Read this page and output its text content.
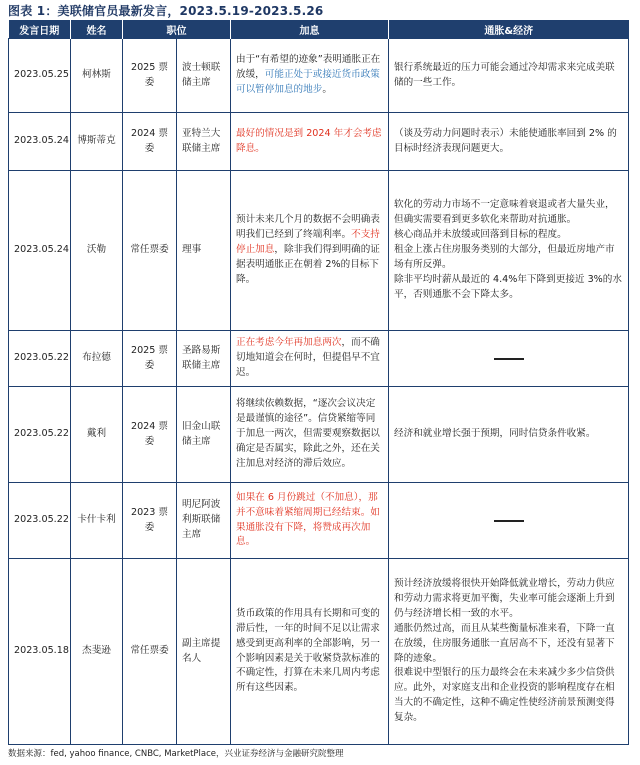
图表 1：美联储官员最新发言，2023.5.19-2023.5.26
发言日期	姓名	职位		加息	通胀&经济
2023.05.25	柯林斯	2025 票委	波士顿联储主席	由于“有希望的迹象”表明通胀正在放缓，可能正处于或接近货币政策可以暂停加息的地步。	银行系统最近的压力可能会通过冷却需求来完成美联储的一些工作。

2023.05.24	博斯蒂克	2024 票委	亚特兰大联储主席	最好的情况是到 2024 年才会考虑降息。	（谈及劳动力问题时表示）未能使通胀率回到 2% 的目标时经济表现问题更大。

2023.05.24	沃勒	常任票委	理事	预计未来几个月的数据不会明确表明我们已经到了终端利率。不支持停止加息，除非我们得到明确的证据表明通胀正在朝着 2%的目标下降。	软化的劳动力市场不一定意味着衰退或者大量失业，但确实需要看到更多软化来帮助对抗通胀。
核心商品并未放缓或回落到目标的程度。
租金上涨占住房服务类别的大部分，但最近房地产市场有所反弹。
除非平均时薪从最近的 4.4%年下降到更接近 3%的水平，否则通胀不会下降太多。

2023.05.22	布拉德	2025 票委	圣路易斯联储主席	正在考虑今年再加息两次，而不确切地知道会在何时，但提倡早不宜迟。	

2023.05.22	戴利	2024 票委	旧金山联储主席	将继续依赖数据，“逐次会议决定是最谨慎的途径”。信贷紧缩等同于加息一两次，但需要观察数据以确定是否属实，除此之外，还在关注加息对经济的滞后效应。	经济和就业增长强于预期，同时信贷条件收紧。

2023.05.22	卡什卡利	2023 票委	明尼阿波利斯联储主席	如果在 6 月份跳过（不加息），那并不意味着紧缩周期已经结束。如果通胀没有下降，将赞成再次加息。	

2023.05.18	杰斐逊	常任票委	副主席提名人	货币政策的作用具有长期和可变的滞后性，一年的时间不足以让需求感受到更高利率的全部影响，另一个影响因素是关于收紧贷款标准的不确定性，打算在未来几周内考虑所有这些因素。	预计经济放缓将很快开始降低就业增长，劳动力供应和劳动力需求将更加平衡，失业率可能会逐渐上升到仍与经济增长相一致的水平。
通胀仍然过高，而且从某些衡量标准来看，下降一直在放缓，住房服务通胀一直居高不下，还没有显著下降的迹象。
很难说中型银行的压力最终会在未来减少多少信贷供应。此外，对家庭支出和企业投资的影响程度存在相当大的不确定性，这种不确定性使经济前景预测变得复杂。
数据来源：fed, yahoo finance, CNBC, MarketPlace，兴业证券经济与金融研究院整理
